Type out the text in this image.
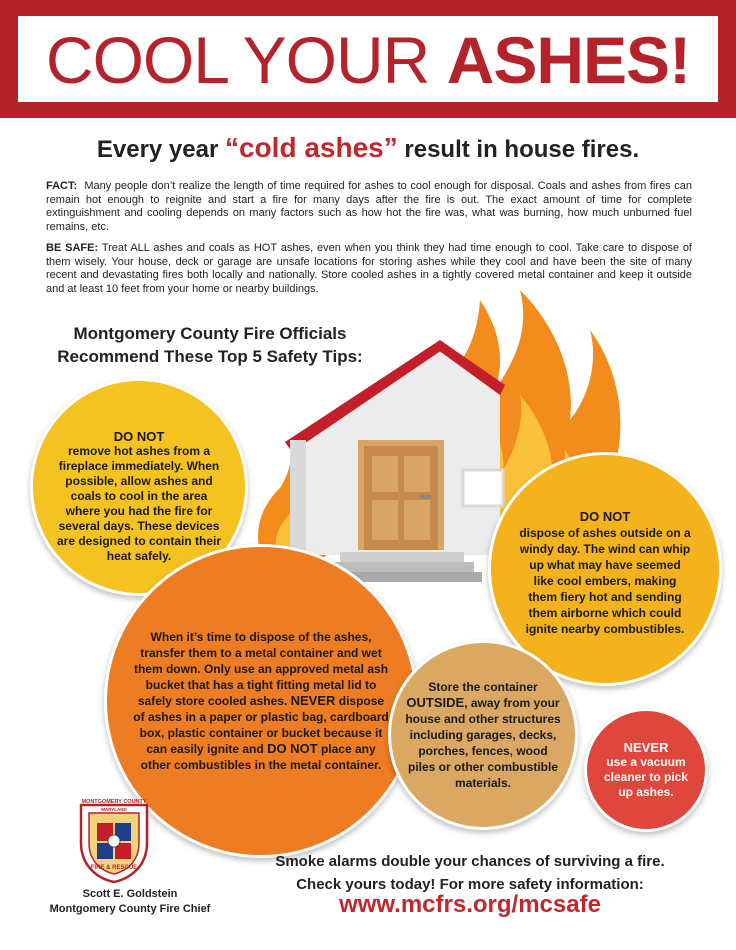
COOL YOUR ASHES!
Every year “cold ashes” result in house fires.
FACT:  Many people don’t realize the length of time required for ashes to cool enough for disposal. Coals and ashes from fires can remain hot enough to reignite and start a fire for many days after the fire is out. The exact amount of time for complete extinguishment and cooling depends on many factors such as how hot the fire was, what was burning, how much unburned fuel remains, etc.
BE SAFE: Treat ALL ashes and coals as HOT ashes, even when you think they had time enough to cool. Take care to dispose of them wisely. Your house, deck or garage are unsafe locations for storing ashes while they cool and have been the site of many recent and devastating fires both locally and nationally. Store cooled ashes in a tightly covered metal container and keep it outside and at least 10 feet from your home or nearby buildings.
Montgomery County Fire Officials
Recommend These Top 5 Safety Tips:
DO NOT
remove hot ashes from a fireplace immediately. When possible, allow ashes and coals to cool in the area where you had the fire for several days. These devices are designed to contain their heat safely.
DO NOT
dispose of ashes outside on a windy day. The wind can whip up what may have seemed like cool embers, making them fiery hot and sending them airborne which could ignite nearby combustibles.
When it’s time to dispose of the ashes, transfer them to a metal container and wet them down. Only use an approved metal ash bucket that has a tight fitting metal lid to safely store cooled ashes. NEVER dispose of ashes in a paper or plastic bag, cardboard box, plastic container or bucket because it can easily ignite and DO NOT place any other combustibles in the metal container.
Store the container OUTSIDE, away from your house and other structures including garages, decks, porches, fences, wood piles or other combustible materials.
NEVER
use a vacuum cleaner to pick up ashes.
MONTGOMERY COUNTY
MARYLAND
FIRE & RESCUE
Scott E. Goldstein
Montgomery County Fire Chief
Smoke alarms double your chances of surviving a fire.
Check yours today! For more safety information:
www.mcfrs.org/mcsafe
